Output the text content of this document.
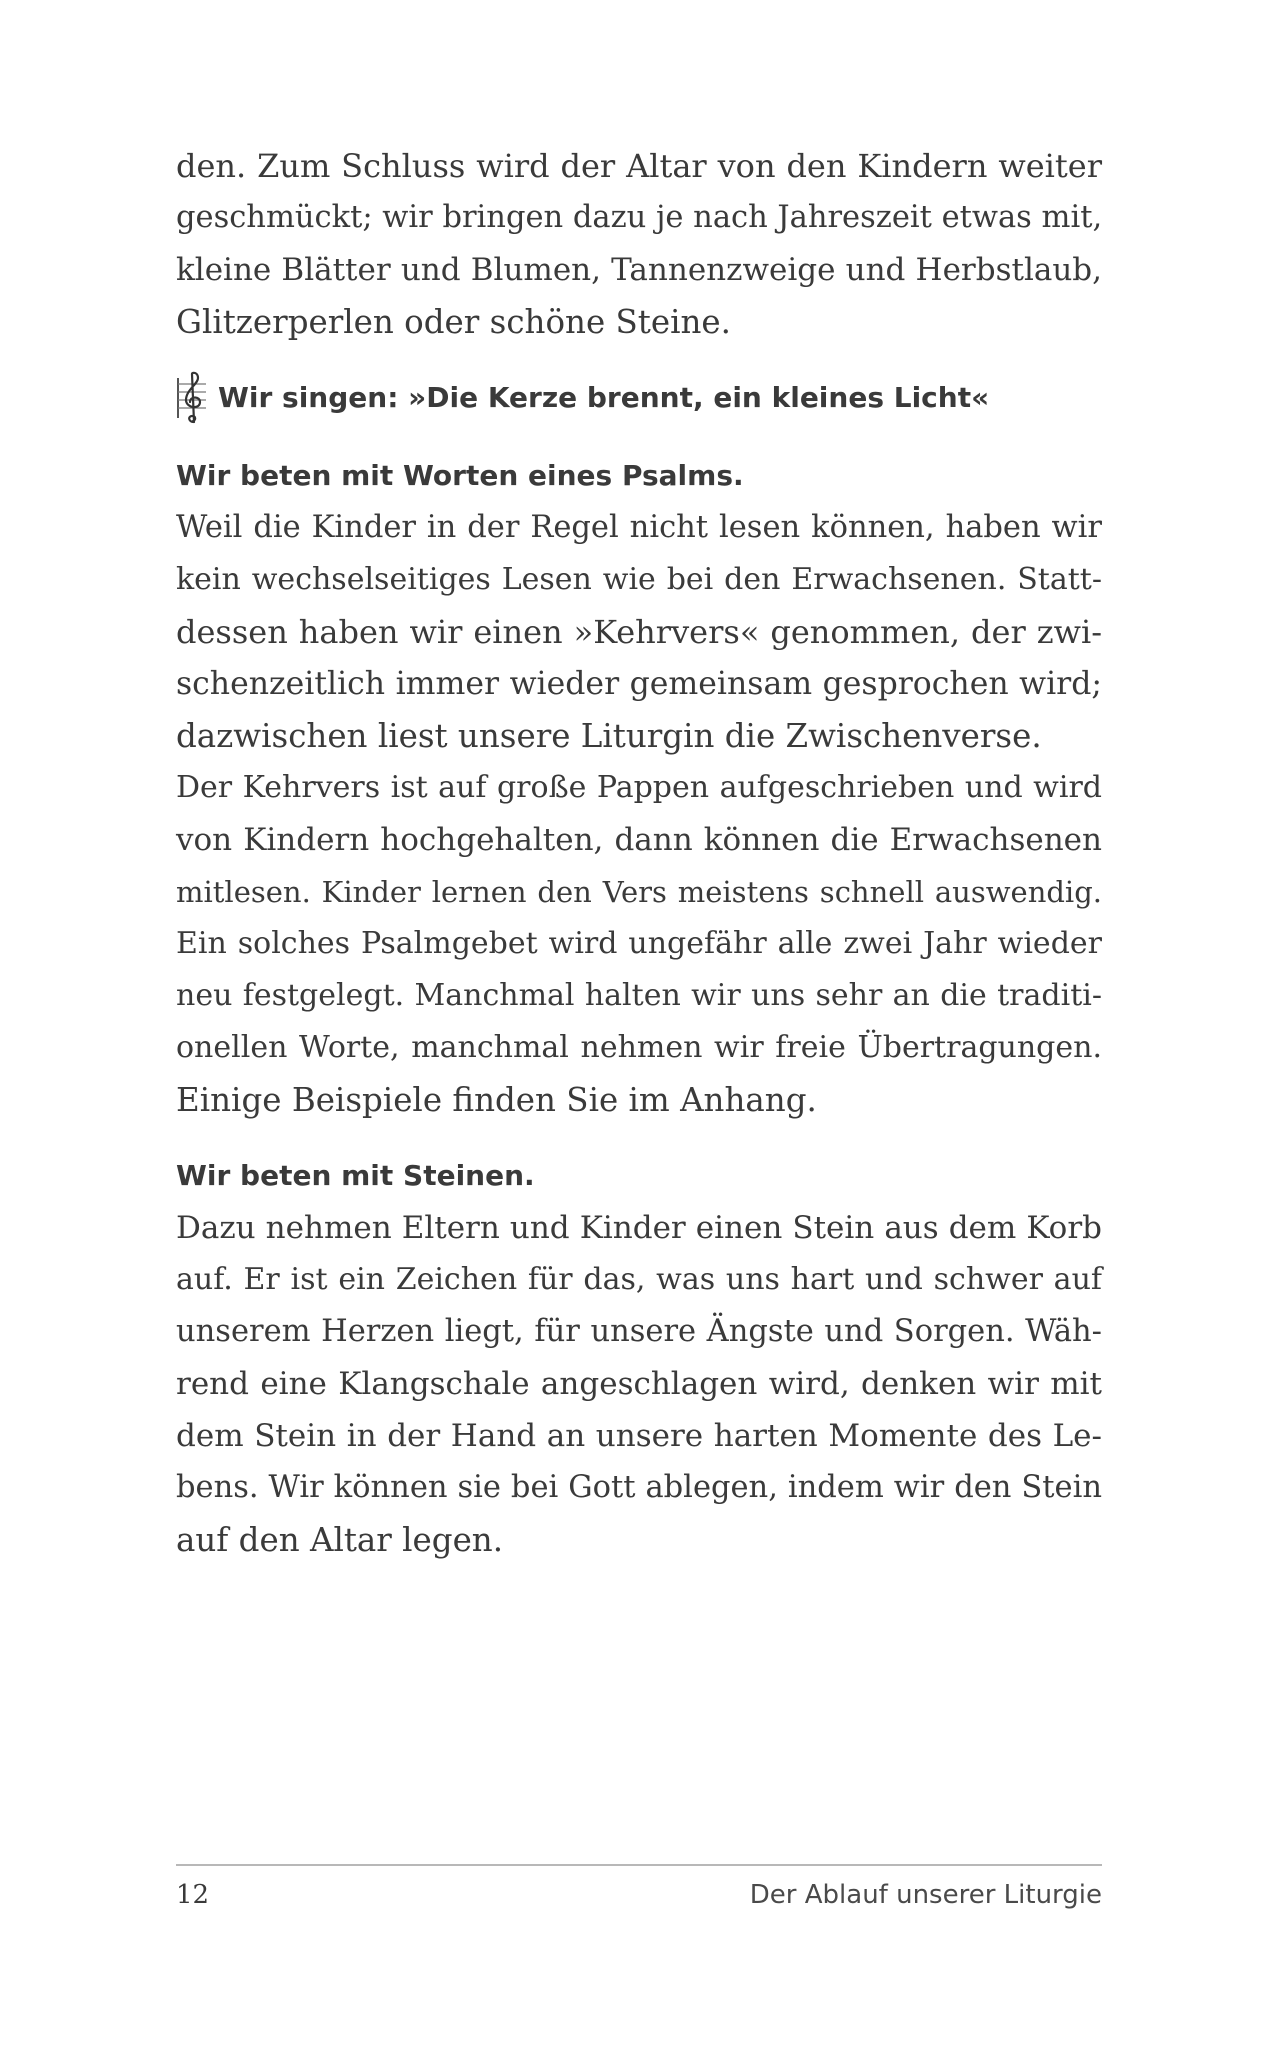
den. Zum Schluss wird der Altar von den Kindern weiter
geschmückt; wir bringen dazu je nach Jahreszeit etwas mit,
kleine Blätter und Blumen, Tannenzweige und Herbstlaub,
Glitzerperlen oder schöne Steine.

Wir singen: »Die Kerze brennt, ein kleines Licht«

Wir beten mit Worten eines Psalms.

Weil die Kinder in der Regel nicht lesen können, haben wir
kein wechselseitiges Lesen wie bei den Erwachsenen. Statt-
dessen haben wir einen »Kehrvers« genommen, der zwi-
schenzeitlich immer wieder gemeinsam gesprochen wird;
dazwischen liest unsere Liturgin die Zwischenverse.
Der Kehrvers ist auf große Pappen aufgeschrieben und wird
von Kindern hochgehalten, dann können die Erwachsenen
mitlesen. Kinder lernen den Vers meistens schnell auswendig.
Ein solches Psalmgebet wird ungefähr alle zwei Jahr wieder
neu festgelegt. Manchmal halten wir uns sehr an die traditi-
onellen Worte, manchmal nehmen wir freie Übertragungen.
Einige Beispiele finden Sie im Anhang.

Wir beten mit Steinen.

Dazu nehmen Eltern und Kinder einen Stein aus dem Korb
auf. Er ist ein Zeichen für das, was uns hart und schwer auf
unserem Herzen liegt, für unsere Ängste und Sorgen. Wäh-
rend eine Klangschale angeschlagen wird, denken wir mit
dem Stein in der Hand an unsere harten Momente des Le-
bens. Wir können sie bei Gott ablegen, indem wir den Stein
auf den Altar legen.

12	Der Ablauf unserer Liturgie
